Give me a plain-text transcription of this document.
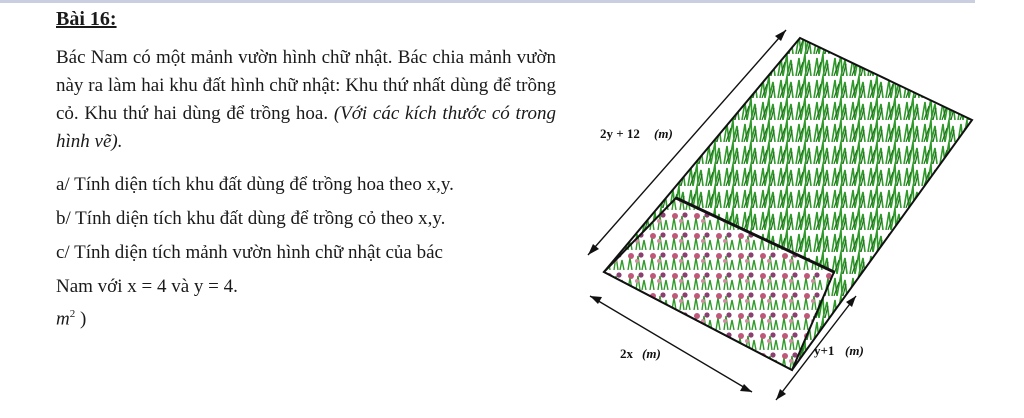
Bài 16:
Bác Nam có một mảnh vườn hình chữ nhật. Bác chia mảnh vườn này ra làm hai khu đất hình chữ nhật: Khu thứ nhất dùng để trồng cỏ. Khu thứ hai dùng để trồng hoa. (Với các kích thước có trong hình vẽ).
a/ Tính diện tích khu đất dùng để trồng hoa theo x,y.
b/ Tính diện tích khu đất dùng để trồng cỏ theo x,y.
c/ Tính diện tích mảnh vườn hình chữ nhật của bác
Nam với x = 4 và y = 4.
$m^2$ )
2y + 12 (m)
2x (m)	y+1 (m)
